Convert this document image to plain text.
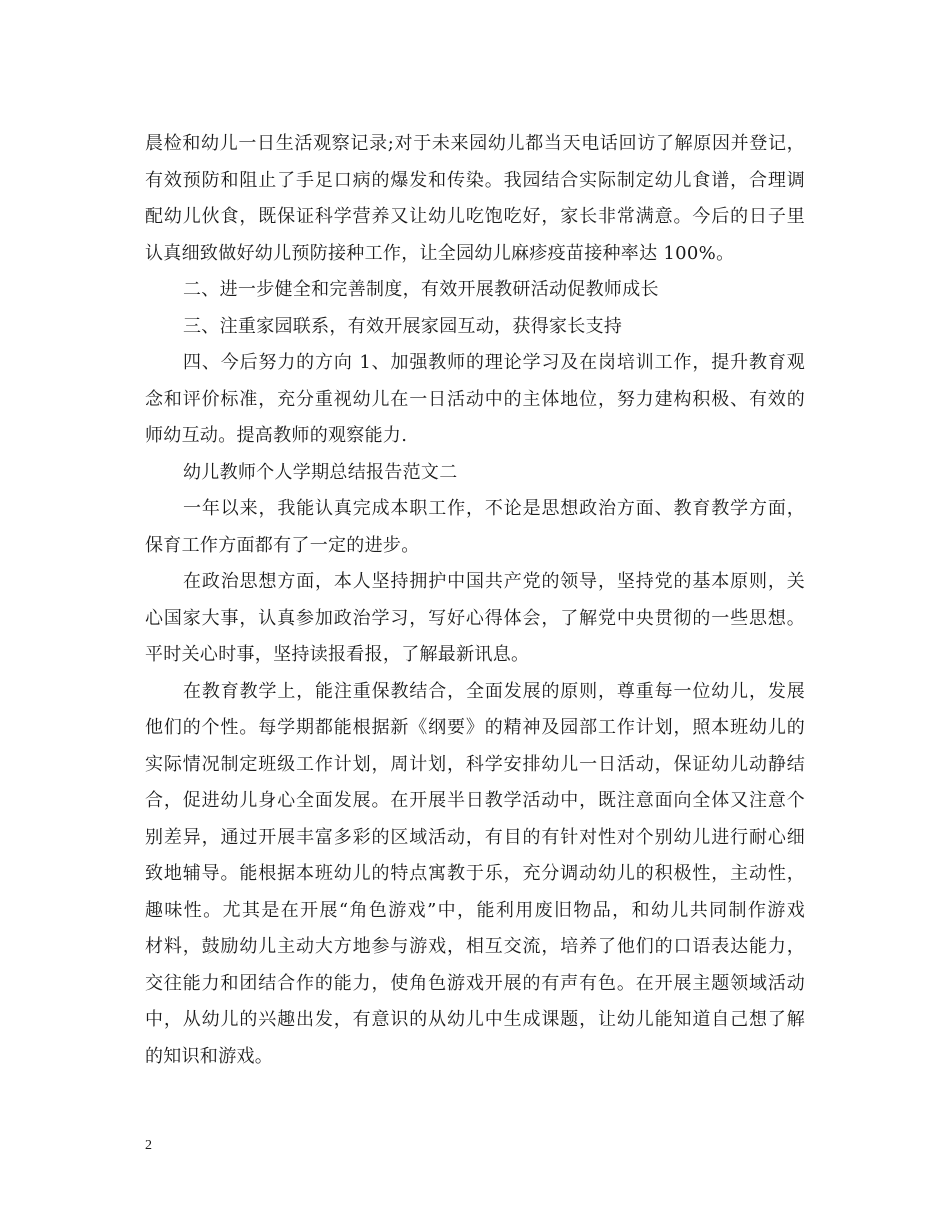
晨检和幼儿一日生活观察记录;对于未来园幼儿都当天电话回访了解原因并登记，
有效预防和阻止了手足口病的爆发和传染。我园结合实际制定幼儿食谱，合理调
配幼儿伙食，既保证科学营养又让幼儿吃饱吃好，家长非常满意。今后的日子里
认真细致做好幼儿预防接种工作，让全园幼儿麻疹疫苗接种率达 100%。
二、进一步健全和完善制度，有效开展教研活动促教师成长
三、注重家园联系，有效开展家园互动，获得家长支持
四、今后努力的方向 1、加强教师的理论学习及在岗培训工作，提升教育观
念和评价标准，充分重视幼儿在一日活动中的主体地位，努力建构积极、有效的
师幼互动。提高教师的观察能力.
幼儿教师个人学期总结报告范文二
一年以来，我能认真完成本职工作，不论是思想政治方面、教育教学方面，
保育工作方面都有了一定的进步。
在政治思想方面，本人坚持拥护中国共产党的领导，坚持党的基本原则，关
心国家大事，认真参加政治学习，写好心得体会，了解党中央贯彻的一些思想。
平时关心时事，坚持读报看报，了解最新讯息。
在教育教学上，能注重保教结合，全面发展的原则，尊重每一位幼儿，发展
他们的个性。每学期都能根据新《纲要》的精神及园部工作计划，照本班幼儿的
实际情况制定班级工作计划，周计划，科学安排幼儿一日活动，保证幼儿动静结
合，促进幼儿身心全面发展。在开展半日教学活动中，既注意面向全体又注意个
别差异，通过开展丰富多彩的区域活动，有目的有针对性对个别幼儿进行耐心细
致地辅导。能根据本班幼儿的特点寓教于乐，充分调动幼儿的积极性，主动性，
趣味性。尤其是在开展“角色游戏”中，能利用废旧物品，和幼儿共同制作游戏
材料，鼓励幼儿主动大方地参与游戏，相互交流，培养了他们的口语表达能力，
交往能力和团结合作的能力，使角色游戏开展的有声有色。在开展主题领域活动
中，从幼儿的兴趣出发，有意识的从幼儿中生成课题，让幼儿能知道自己想了解
的知识和游戏。
2
